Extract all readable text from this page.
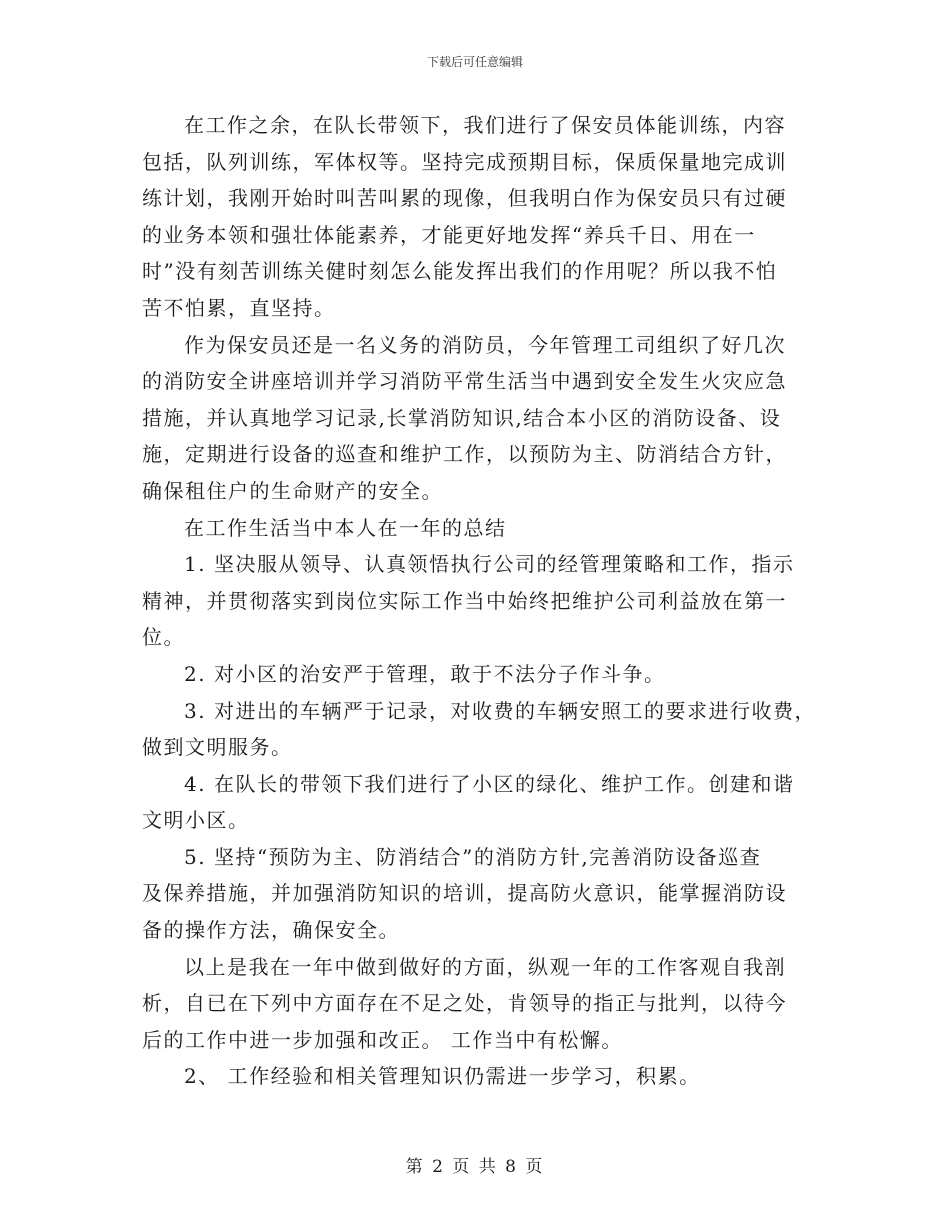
下载后可任意编辑
在工作之余，在队长带领下，我们进行了保安员体能训练，内容
包括，队列训练，军体权等。坚持完成预期目标，保质保量地完成训
练计划，我刚开始时叫苦叫累的现像，但我明白作为保安员只有过硬
的业务本领和强壮体能素养，才能更好地发挥“养兵千日、用在一
时”没有刻苦训练关健时刻怎么能发挥出我们的作用呢？所以我不怕
苦不怕累，直坚持。
作为保安员还是一名义务的消防员，今年管理工司组织了好几次
的消防安全讲座培训并学习消防平常生活当中遇到安全发生火灾应急
措施，并认真地学习记录,长掌消防知识,结合本小区的消防设备、设
施，定期进行设备的巡查和维护工作，以预防为主、防消结合方针，
确保租住户的生命财产的安全。
在工作生活当中本人在一年的总结
1. 坚决服从领导、认真领悟执行公司的经管理策略和工作，指示
精神，并贯彻落实到岗位实际工作当中始终把维护公司利益放在第一
位。
2. 对小区的治安严于管理，敢于不法分子作斗争。
3. 对进出的车辆严于记录，对收费的车辆安照工的要求进行收费，
做到文明服务。
4. 在队长的带领下我们进行了小区的绿化、维护工作。创建和谐
文明小区。
5. 坚持“预防为主、防消结合”的消防方针,完善消防设备巡查
及保养措施，并加强消防知识的培训，提高防火意识，能掌握消防设
备的操作方法，确保安全。
以上是我在一年中做到做好的方面，纵观一年的工作客观自我剖
析，自已在下列中方面存在不足之处，肯领导的指正与批判，以待今
后的工作中进一步加强和改正。 工作当中有松懈。
2、 工作经验和相关管理知识仍需进一步学习，积累。
第 2 页 共 8 页
